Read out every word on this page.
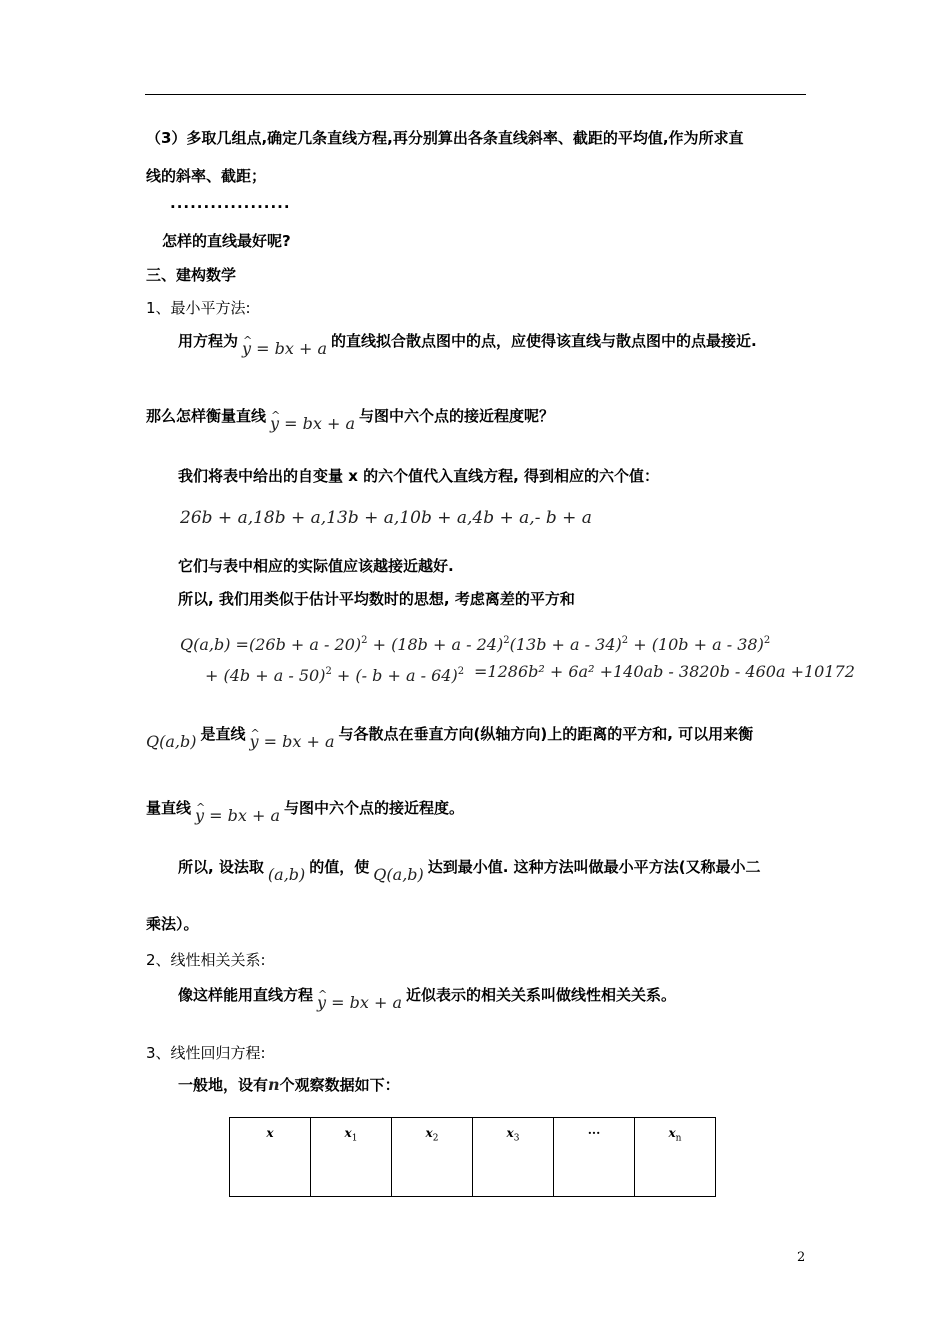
（3）多取几组点,确定几条直线方程,再分别算出各条直线斜率、截距的平均值,作为所求直
线的斜率、截距；
··················
怎样的直线最好呢?
三、建构数学
1、最小平方法:
用方程为 ^ y = bx + a 的直线拟合散点图中的点，应使得该直线与散点图中的点最接近.
那么怎样衡量直线 ^ y = bx + a 与图中六个点的接近程度呢？
我们将表中给出的自变量 x 的六个值代入直线方程, 得到相应的六个值：
26b + a,18b + a,13b + a,10b + a,4b + a,- b + a
它们与表中相应的实际值应该越接近越好.
所以, 我们用类似于估计平均数时的思想, 考虑离差的平方和
$Q(a,b) =(26b + a - 20)^2 + (18b + a - 24)^2(13b + a - 34)^2 + (10b + a - 38)^2$
+ $(4b + a - 50)^2$ + (- b + a - 64)$^2$ =1286b² + 6a² +140ab - 3820b - 460a +10172
Q(a,b) 是直线 ^ y = bx + a 与各散点在垂直方向(纵轴方向)上的距离的平方和, 可以用来衡
量直线 ^ y = bx + a 与图中六个点的接近程度。
所以, 设法取 (a,b) 的值，使 Q(a,b) 达到最小值. 这种方法叫做最小平方法(又称最小二
乘法）。
2、线性相关关系:
像这样能用直线方程 ^ y = bx + a 近似表示的相关关系叫做线性相关关系。
3、线性回归方程:
一般地，设有n个观察数据如下：
x	$x_1$	$x_2$	$x_3$	···	$x_n$
2
